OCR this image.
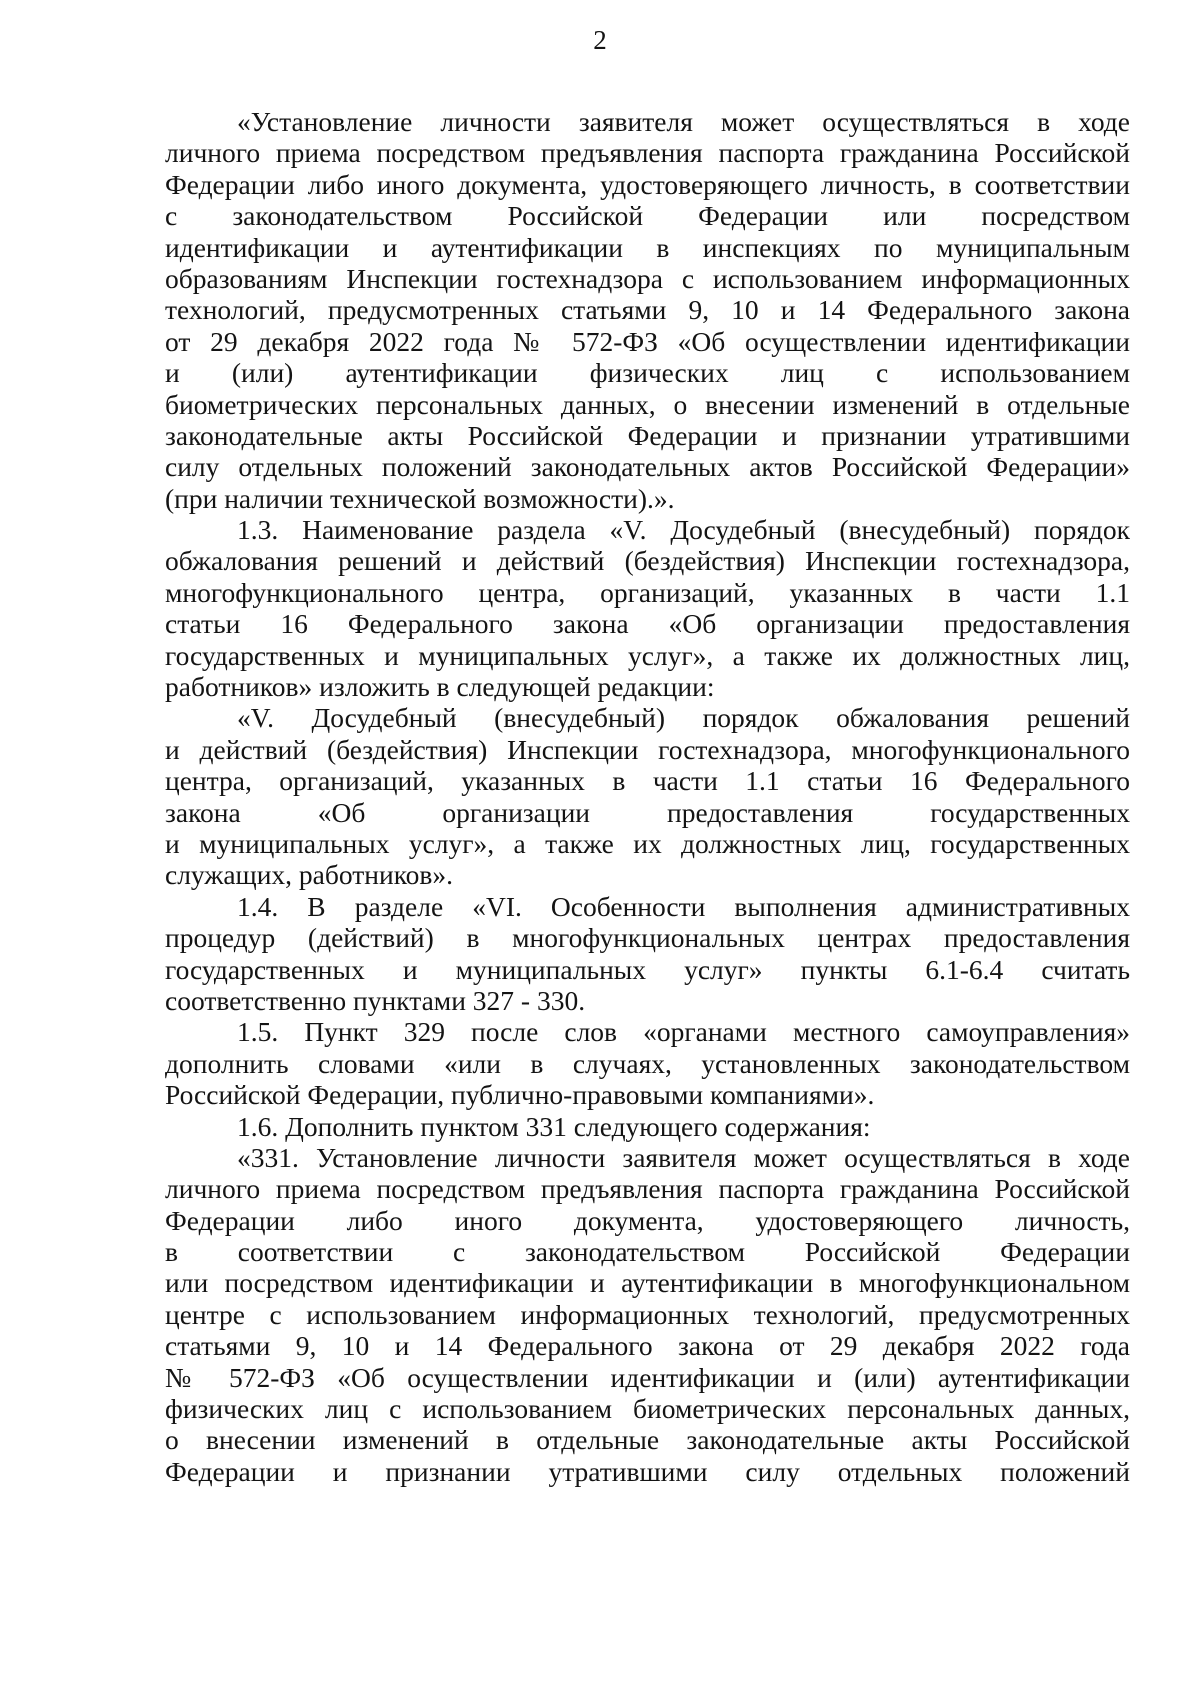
2
«Установление личности заявителя может осуществляться в ходе
личного приема посредством предъявления паспорта гражданина Российской
Федерации либо иного документа, удостоверяющего личность, в соответствии
с законодательством Российской Федерации или посредством
идентификации и аутентификации в инспекциях по муниципальным
образованиям Инспекции гостехнадзора с использованием информационных
технологий, предусмотренных статьями 9, 10 и 14 Федерального закона
от 29 декабря 2022 года № 572-ФЗ «Об осуществлении идентификации
и (или) аутентификации физических лиц с использованием
биометрических персональных данных, о внесении изменений в отдельные
законодательные акты Российской Федерации и признании утратившими
силу отдельных положений законодательных актов Российской Федерации»
(при наличии технической возможности).».
1.3. Наименование раздела «V. Досудебный (внесудебный) порядок
обжалования решений и действий (бездействия) Инспекции гостехнадзора,
многофункционального центра, организаций, указанных в части 1.1
статьи 16 Федерального закона «Об организации предоставления
государственных и муниципальных услуг», а также их должностных лиц,
работников» изложить в следующей редакции:
«V. Досудебный (внесудебный) порядок обжалования решений
и действий (бездействия) Инспекции гостехнадзора, многофункционального
центра, организаций, указанных в части 1.1 статьи 16 Федерального
закона «Об организации предоставления государственных
и муниципальных услуг», а также их должностных лиц, государственных
служащих, работников».
1.4. В разделе «VI. Особенности выполнения административных
процедур (действий) в многофункциональных центрах предоставления
государственных и муниципальных услуг» пункты 6.1-6.4 считать
соответственно пунктами 327 - 330.
1.5. Пункт 329 после слов «органами местного самоуправления»
дополнить словами «или в случаях, установленных законодательством
Российской Федерации, публично-правовыми компаниями».
1.6. Дополнить пунктом 331 следующего содержания:
«331. Установление личности заявителя может осуществляться в ходе
личного приема посредством предъявления паспорта гражданина Российской
Федерации либо иного документа, удостоверяющего личность,
в соответствии с законодательством Российской Федерации
или посредством идентификации и аутентификации в многофункциональном
центре с использованием информационных технологий, предусмотренных
статьями 9, 10 и 14 Федерального закона от 29 декабря 2022 года
№ 572-ФЗ «Об осуществлении идентификации и (или) аутентификации
физических лиц с использованием биометрических персональных данных,
о внесении изменений в отдельные законодательные акты Российской
Федерации и признании утратившими силу отдельных положений
